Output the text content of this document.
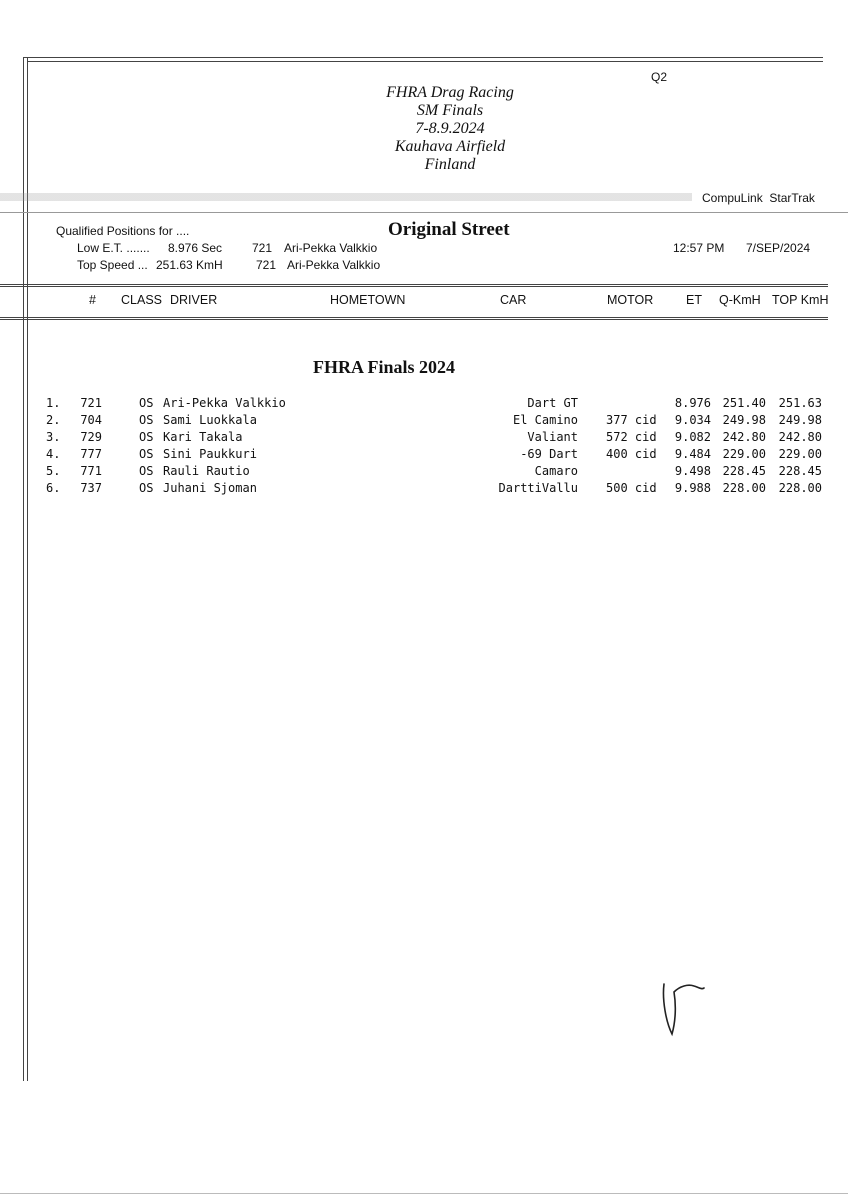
Q2
FHRA Drag Racing
SM Finals
7-8.9.2024
Kauhava Airfield
Finland
CompuLink  StarTrak
Qualified Positions for ....	Original Street
Low E.T. ....... 8.976 Sec 721 Ari-Pekka Valkkio	12:57 PM 7/SEP/2024
Top Speed ... 251.63 KmH	721 Ari-Pekka Valkkio
# CLASS DRIVER	HOMETOWN	CAR	MOTOR	ET Q-KmH TOP KmH
FHRA Finals 2024
1.	721	OS Ari-Pekka Valkkio	Dart GT	8.976 251.40	251.63
2.	704	OS Sami Luokkala	El Camino 377 cid	9.034 249.98	249.98
3.	729	OS Kari Takala	Valiant 572 cid	9.082 242.80	242.80
4.	777	OS Sini Paukkuri	-69 Dart 400 cid	9.484 229.00	229.00
5.	771	OS Rauli Rautio	Camaro	9.498 228.45	228.45
6.	737	OS Juhani Sjoman	DarttiVallu 500 cid	9.988 228.00	228.00
